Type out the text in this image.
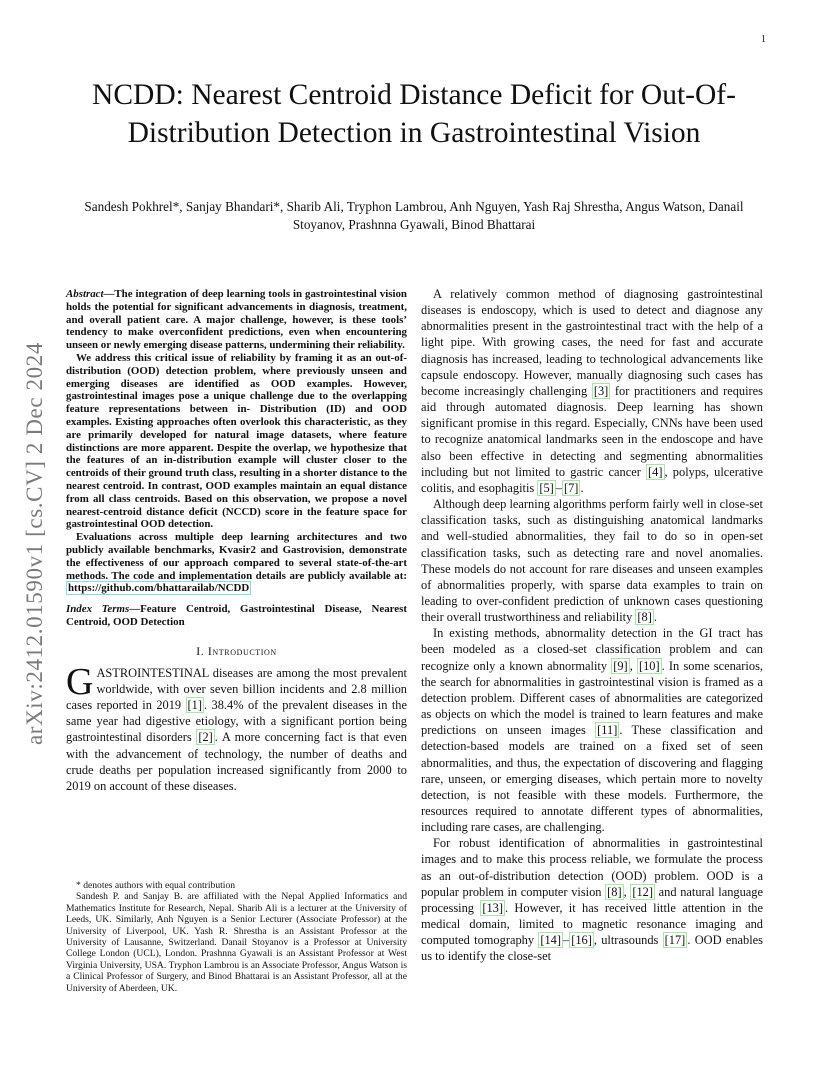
1
arXiv:2412.01590v1 [cs.CV] 2 Dec 2024
NCDD: Nearest Centroid Distance Deficit for Out-Of-Distribution Detection in Gastrointestinal Vision
Sandesh Pokhrel*, Sanjay Bhandari*, Sharib Ali, Tryphon Lambrou, Anh Nguyen, Yash Raj Shrestha, Angus Watson, Danail Stoyanov, Prashnna Gyawali, Binod Bhattarai

Abstract—The integration of deep learning tools in gastrointestinal vision holds the potential for significant advancements in diagnosis, treatment, and overall patient care. A major challenge, however, is these tools’ tendency to make overconfident predictions, even when encountering unseen or newly emerging disease patterns, undermining their reliability.

We address this critical issue of reliability by framing it as an out-of-distribution (OOD) detection problem, where previously unseen and emerging diseases are identified as OOD examples. However, gastrointestinal images pose a unique challenge due to the overlapping feature representations between in- Distribution (ID) and OOD examples. Existing approaches often overlook this characteristic, as they are primarily developed for natural image datasets, where feature distinctions are more apparent. Despite the overlap, we hypothesize that the features of an in-distribution example will cluster closer to the centroids of their ground truth class, resulting in a shorter distance to the nearest centroid. In contrast, OOD examples maintain an equal distance from all class centroids. Based on this observation, we propose a novel nearest-centroid distance deficit (NCCD) score in the feature space for gastrointestinal OOD detection.

Evaluations across multiple deep learning architectures and two publicly available benchmarks, Kvasir2 and Gastrovision, demonstrate the effectiveness of our approach compared to several state-of-the-art methods. The code and implementation details are publicly available at: https://github.com/bhattarailab/NCDD

Index Terms—Feature Centroid, Gastrointestinal Disease, Nearest Centroid, OOD Detection
I. Introduction

GASTROINTESTINAL diseases are among the most prevalent worldwide, with over seven billion incidents and 2.8 million cases reported in 2019 [1] . 38.4% of the prevalent diseases in the same year had digestive etiology, with a significant portion being gastrointestinal disorders [2] . A more concerning fact is that even with the advancement of technology, the number of deaths and crude deaths per population increased significantly from 2000 to 2019 on account of these diseases.

* denotes authors with equal contribution

Sandesh P. and Sanjay B. are affiliated with the Nepal Applied Informatics and Mathematics Institute for Research, Nepal. Sharib Ali is a lecturer at the University of Leeds, UK. Similarly, Anh Nguyen is a Senior Lecturer (Associate Professor) at the University of Liverpool, UK. Yash R. Shrestha is an Assistant Professor at the University of Lausanne, Switzerland. Danail Stoyanov is a Professor at University College London (UCL), London. Prashnna Gyawali is an Assistant Professor at West Virginia University, USA. Tryphon Lambrou is an Associate Professor, Angus Watson is a Clinical Professor of Surgery, and Binod Bhattarai is an Assistant Professor, all at the University of Aberdeen, UK.

A relatively common method of diagnosing gastrointestinal diseases is endoscopy, which is used to detect and diagnose any abnormalities present in the gastrointestinal tract with the help of a light pipe. With growing cases, the need for fast and accurate diagnosis has increased, leading to technological advancements like capsule endoscopy. However, manually diagnosing such cases has become increasingly challenging [3] for practitioners and requires aid through automated diagnosis. Deep learning has shown significant promise in this regard. Especially, CNNs have been used to recognize anatomical landmarks seen in the endoscope and have also been effective in detecting and segmenting abnormalities including but not limited to gastric cancer [4] , polyps, ulcerative colitis, and esophagitis [5] – [7] .

Although deep learning algorithms perform fairly well in close-set classification tasks, such as distinguishing anatomical landmarks and well-studied abnormalities, they fail to do so in open-set classification tasks, such as detecting rare and novel anomalies. These models do not account for rare diseases and unseen examples of abnormalities properly, with sparse data examples to train on leading to over-confident prediction of unknown cases questioning their overall trustworthiness and reliability [8] .

In existing methods, abnormality detection in the GI tract has been modeled as a closed-set classification problem and can recognize only a known abnormality [9] , [10] . In some scenarios, the search for abnormalities in gastrointestinal vision is framed as a detection problem. Different cases of abnormalities are categorized as objects on which the model is trained to learn features and make predictions on unseen images [11] . These classification and detection-based models are trained on a fixed set of seen abnormalities, and thus, the expectation of discovering and flagging rare, unseen, or emerging diseases, which pertain more to novelty detection, is not feasible with these models. Furthermore, the resources required to annotate different types of abnormalities, including rare cases, are challenging.

For robust identification of abnormalities in gastrointestinal images and to make this process reliable, we formulate the process as an out-of-distribution detection (OOD) problem. OOD is a popular problem in computer vision [8] , [12] and natural language processing [13] . However, it has received little attention in the medical domain, limited to magnetic resonance imaging and computed tomography [14] – [16] , ultrasounds [17] . OOD enables us to identify the close-set
